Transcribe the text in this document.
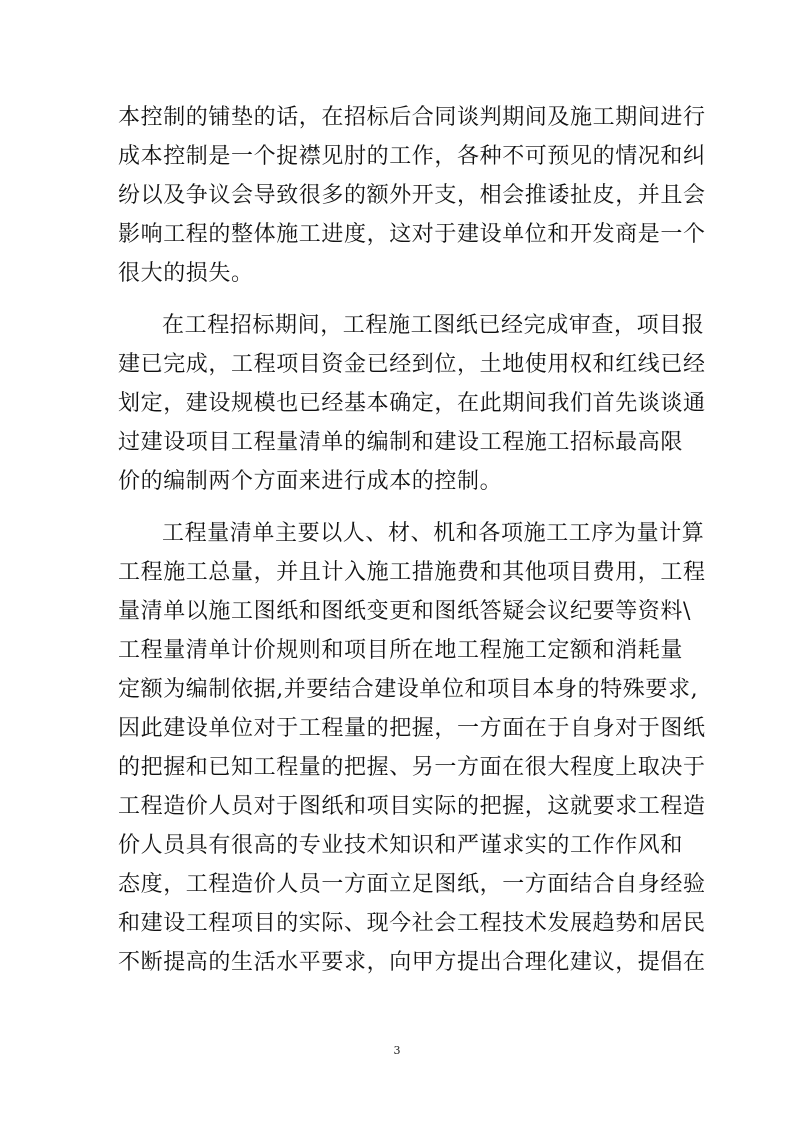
本控制的铺垫的话，在招标后合同谈判期间及施工期间进行
成本控制是一个捉襟见肘的工作，各种不可预见的情况和纠
纷以及争议会导致很多的额外开支，相会推诿扯皮，并且会
影响工程的整体施工进度，这对于建设单位和开发商是一个
很大的损失。
在工程招标期间，工程施工图纸已经完成审查，项目报
建已完成，工程项目资金已经到位，土地使用权和红线已经
划定，建设规模也已经基本确定，在此期间我们首先谈谈通
过建设项目工程量清单的编制和建设工程施工招标最高限
价的编制两个方面来进行成本的控制。
工程量清单主要以人、材、机和各项施工工序为量计算
工程施工总量，并且计入施工措施费和其他项目费用，工程
量清单以施工图纸和图纸变更和图纸答疑会议纪要等资料\
工程量清单计价规则和项目所在地工程施工定额和消耗量
定额为编制依据,并要结合建设单位和项目本身的特殊要求,
因此建设单位对于工程量的把握，一方面在于自身对于图纸
的把握和已知工程量的把握、另一方面在很大程度上取决于
工程造价人员对于图纸和项目实际的把握，这就要求工程造
价人员具有很高的专业技术知识和严谨求实的工作作风和
态度，工程造价人员一方面立足图纸，一方面结合自身经验
和建设工程项目的实际、现今社会工程技术发展趋势和居民
不断提高的生活水平要求，向甲方提出合理化建议，提倡在
3
